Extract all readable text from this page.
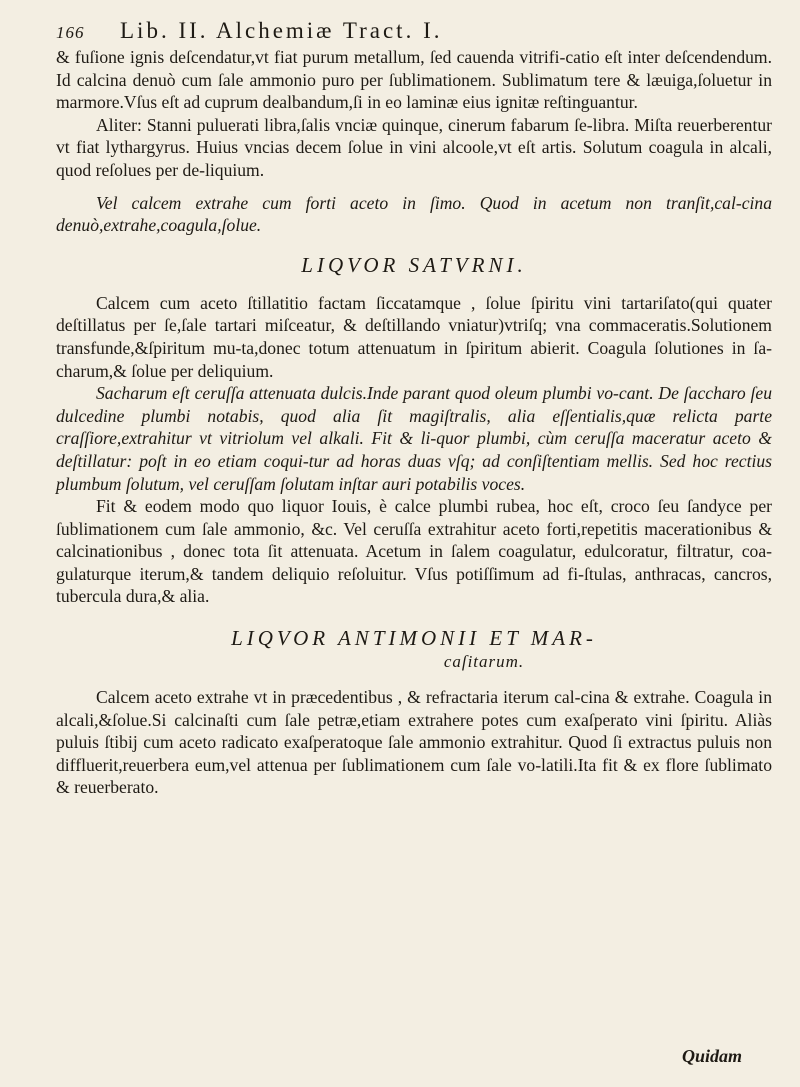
166	Lib. II. Alchemiæ Tract. I.

& fuſione ignis deſcendatur,vt fiat purum metallum, ſed cauenda vitrifi-catio eſt inter deſcendendum. Id calcina denuò cum ſale ammonio puro per ſublimationem. Sublimatum tere & læuiga,ſoluetur in marmore.Vſus eſt ad cuprum dealbandum,ſi in eo laminæ eius ignitæ reſtinguantur.

Aliter: Stanni puluerati libra,ſalis vnciæ quinque, cinerum fabarum ſe-libra. Miſta reuerberentur vt fiat lythargyrus. Huius vncias decem ſolue in vini alcoole,vt eſt artis. Solutum coagula in alcali, quod reſolues per de-liquium.

Vel calcem extrahe cum forti aceto in ſimo. Quod in acetum non tranſit,cal-cina denuò,extrahe,coagula,ſolue.

LIQVOR SATVRNI.

Calcem cum aceto ſtillatitio factam ſiccatamque , ſolue ſpiritu vini tartariſato(qui quater deſtillatus per ſe,ſale tartari miſceatur, & deſtillando vniatur)vtriſq; vna commaceratis.Solutionem transfunde,&ſpiritum mu-ta,donec totum attenuatum in ſpiritum abierit. Coagula ſolutiones in ſa-charum,& ſolue per deliquium.

Sacharum eſt ceruſſa attenuata dulcis.Inde parant quod oleum plumbi vo-cant. De ſaccharo ſeu dulcedine plumbi notabis, quod alia ſit magiſtralis, alia eſſentialis,quæ relicta parte craſſiore,extrahitur vt vitriolum vel alkali. Fit & li-quor plumbi, cùm ceruſſa maceratur aceto & deſtillatur: poſt in eo etiam coqui-tur ad horas duas vſq; ad conſiſtentiam mellis. Sed hoc rectius plumbum ſolutum, vel ceruſſam ſolutam inſtar auri potabilis voces.

Fit & eodem modo quo liquor Iouis, è calce plumbi rubea, hoc eſt, croco ſeu ſandyce per ſublimationem cum ſale ammonio, &c. Vel ceruſſa extrahitur aceto forti,repetitis macerationibus & calcinationibus , donec tota ſit attenuata. Acetum in ſalem coagulatur, edulcoratur, filtratur, coa-gulaturque iterum,& tandem deliquio reſoluitur. Vſus potiſſimum ad fi-ſtulas, anthracas, cancros, tubercula dura,& alia.

LIQVOR ANTIMONII ET MAR-
caſitarum.

Calcem aceto extrahe vt in præcedentibus , & refractaria iterum cal-cina & extrahe. Coagula in alcali,&ſolue.Si calcinaſti cum ſale petræ,etiam extrahere potes cum exaſperato vini ſpiritu. Aliàs puluis ſtibij cum aceto radicato exaſperatoque ſale ammonio extrahitur. Quod ſi extractus puluis non diffluerit,reuerbera eum,vel attenua per ſublimationem cum ſale vo-latili.Ita fit & ex flore ſublimato & reuerberato.

Quidam
